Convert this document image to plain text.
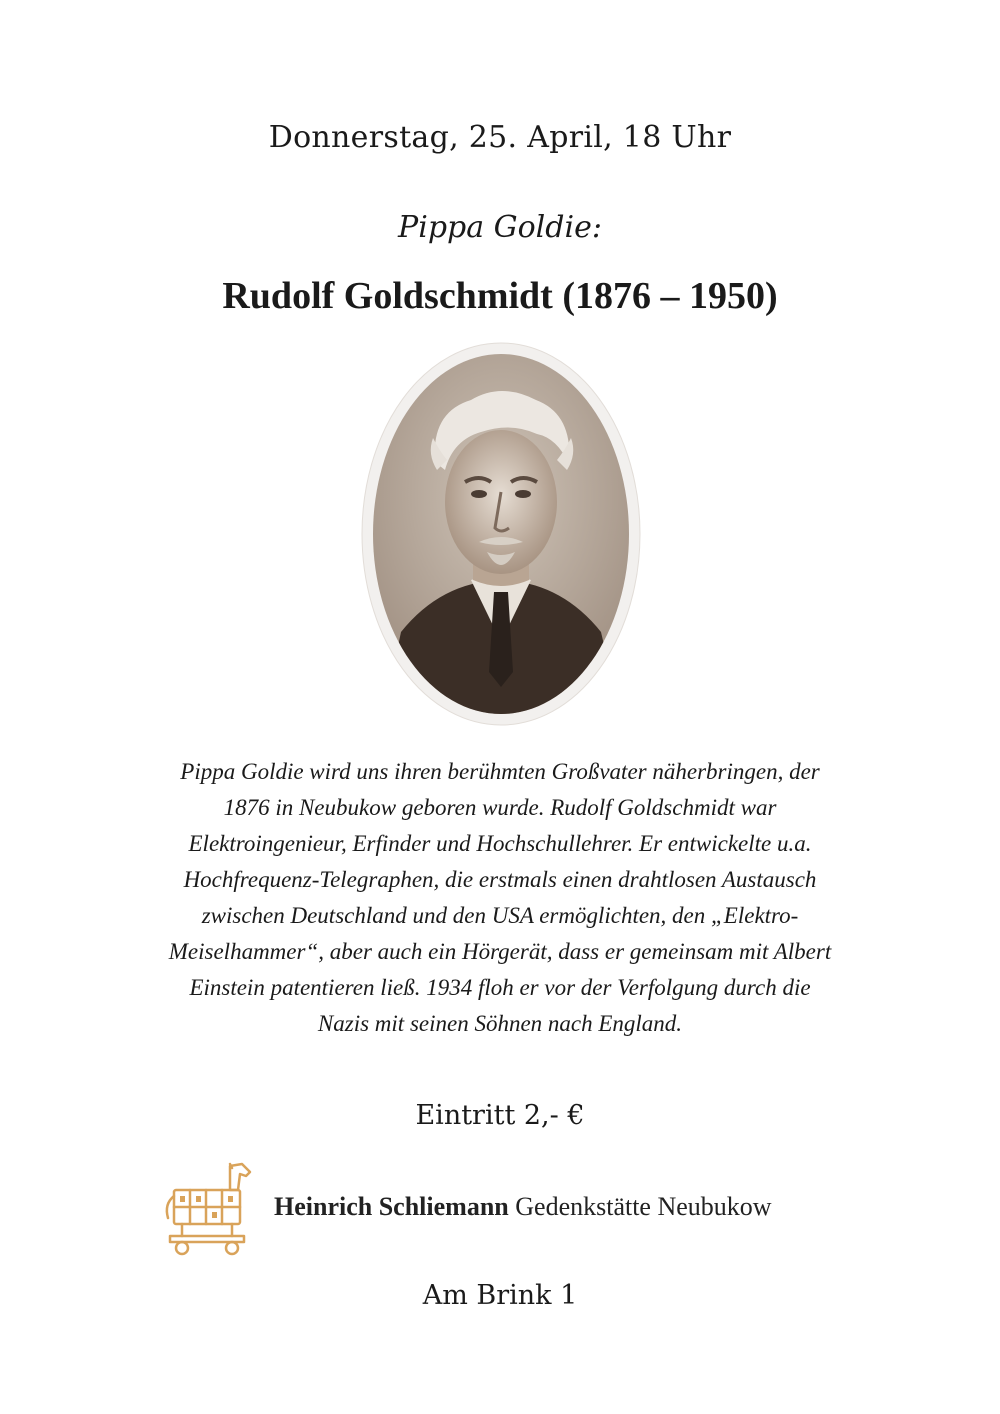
Donnerstag, 25. April, 18 Uhr
Pippa Goldie:
Rudolf Goldschmidt (1876 – 1950)
Pippa Goldie wird uns ihren berühmten Großvater näherbringen, der
1876 in Neubukow geboren wurde. Rudolf Goldschmidt war
Elektroingenieur, Erfinder und Hochschullehrer. Er entwickelte u.a.
Hochfrequenz-Telegraphen, die erstmals einen drahtlosen Austausch
zwischen Deutschland und den USA ermöglichten, den „Elektro-
Meiselhammer“, aber auch ein Hörgerät, dass er gemeinsam mit Albert
Einstein patentieren ließ. 1934 floh er vor der Verfolgung durch die
Nazis mit seinen Söhnen nach England.
Eintritt 2,- €
Heinrich Schliemann Gedenkstätte Neubukow
Am Brink 1
